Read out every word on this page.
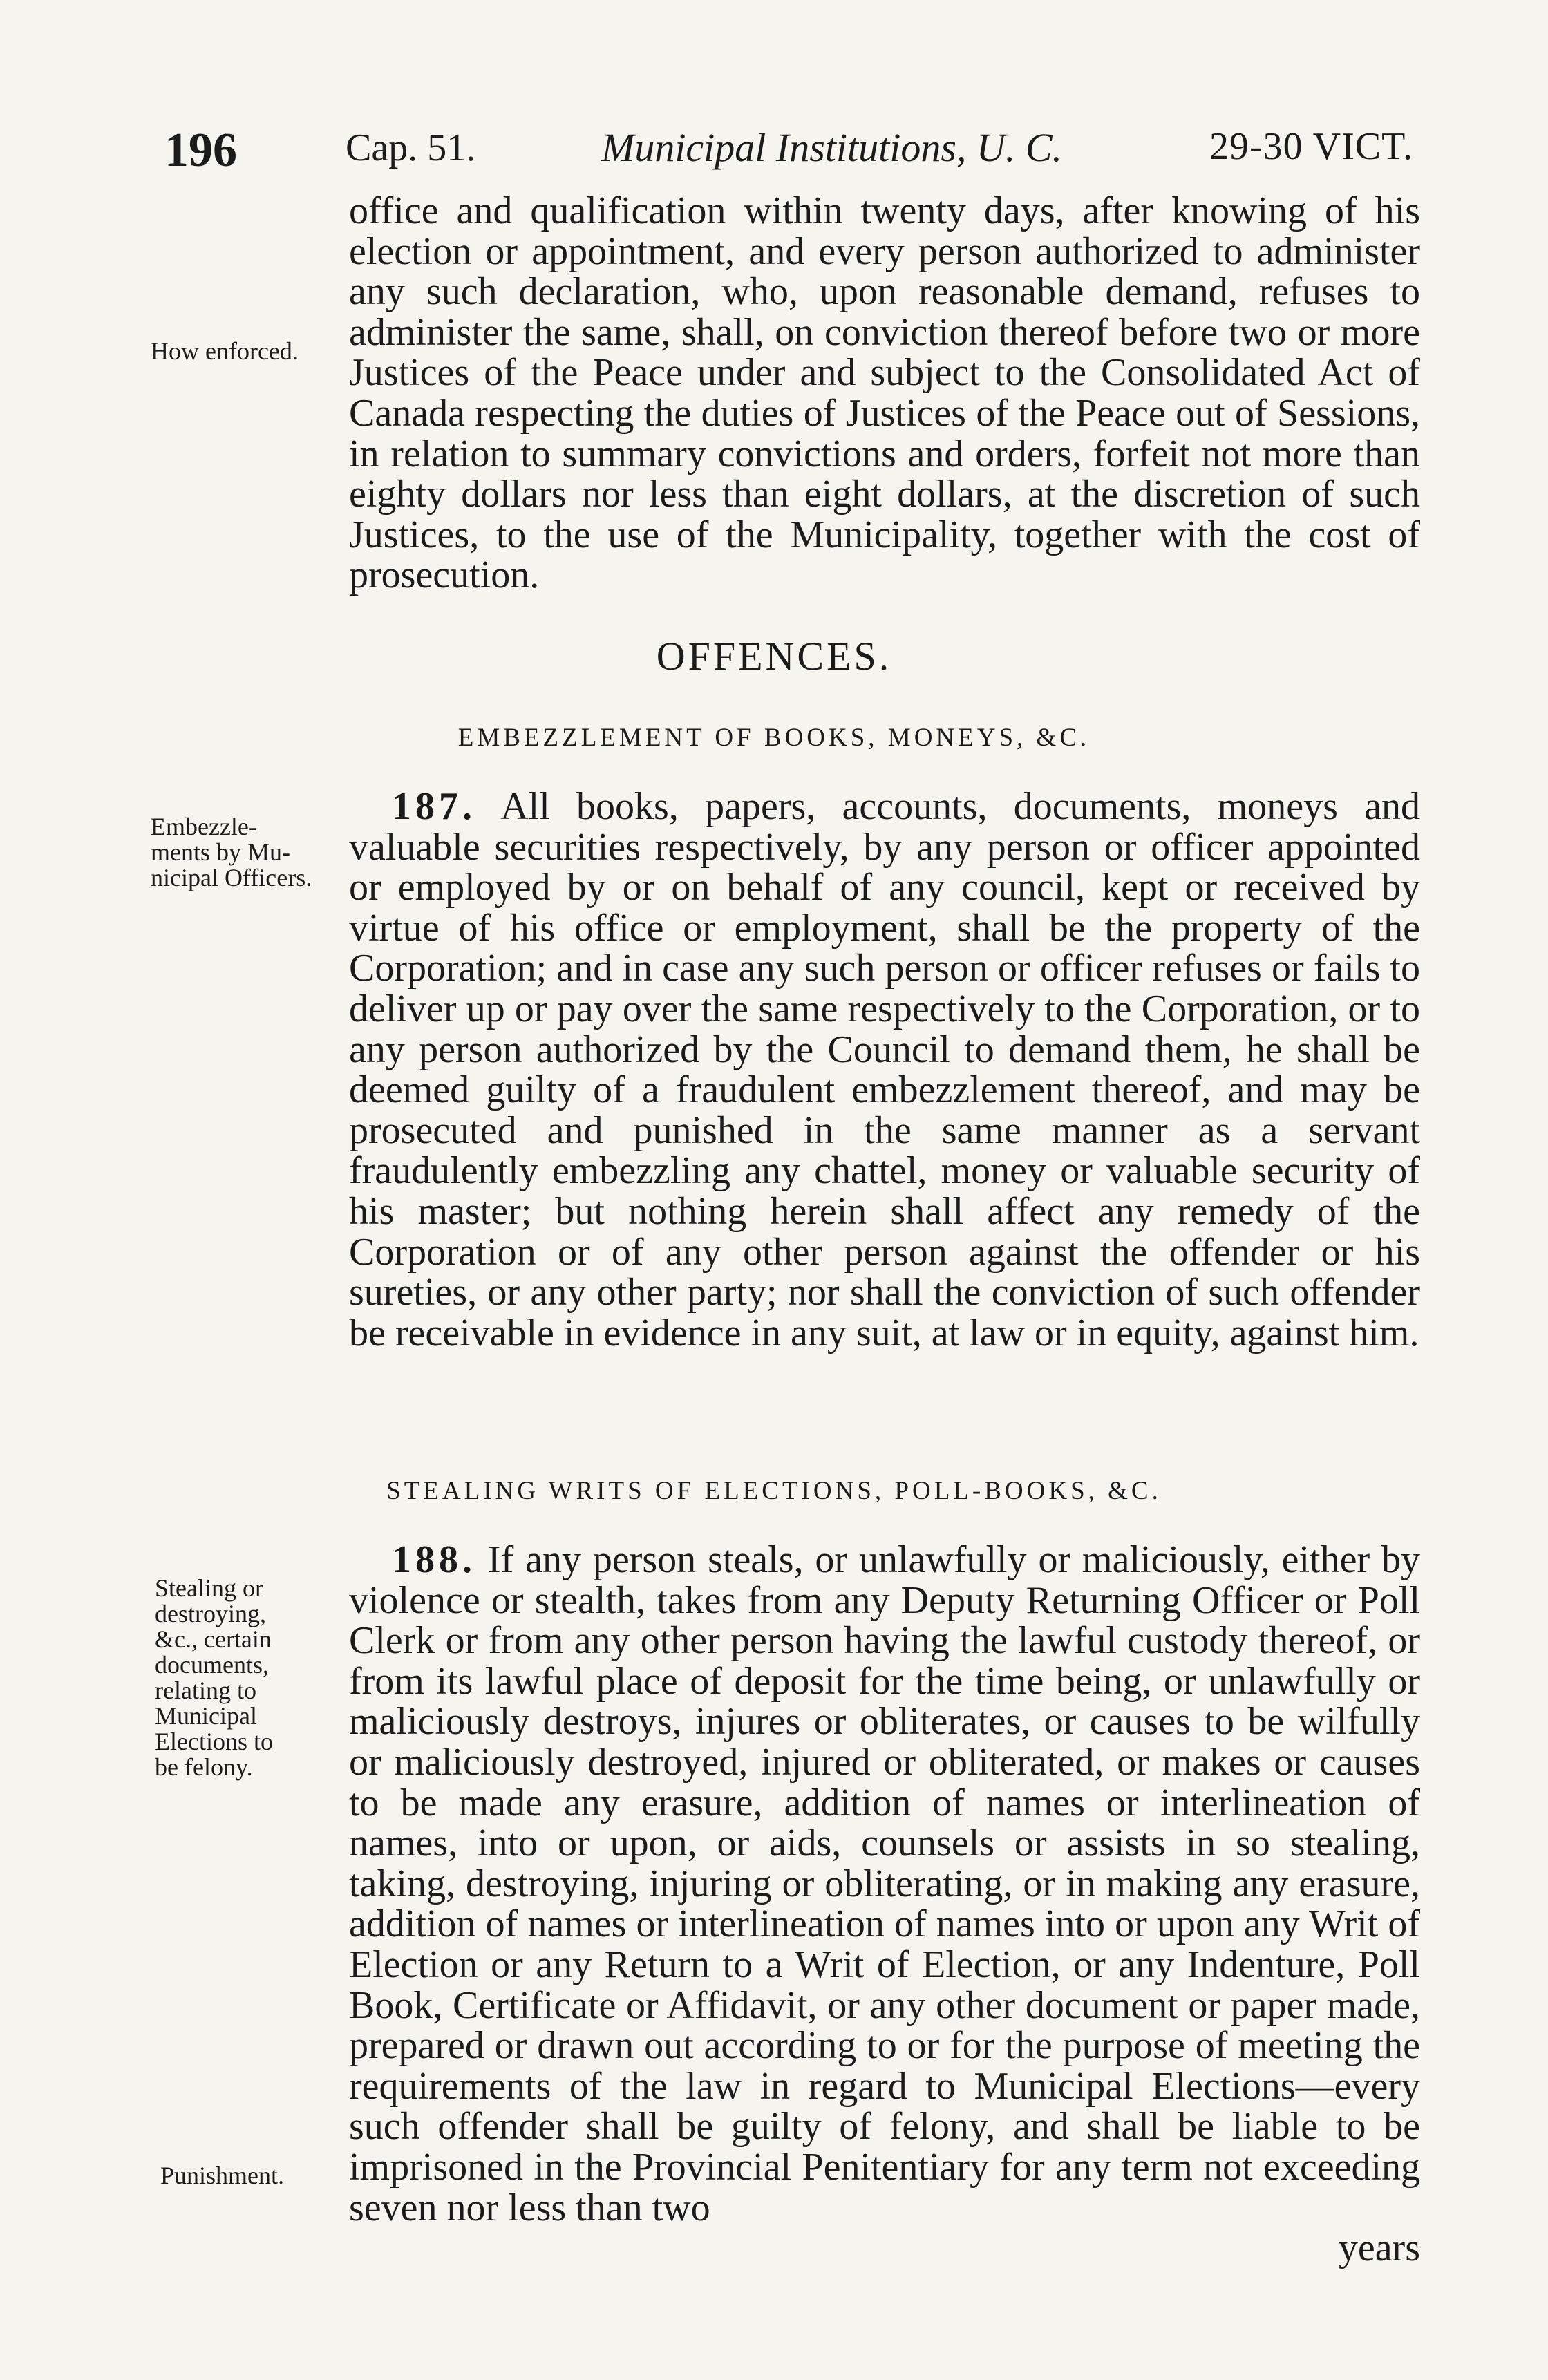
196	Cap. 51.	Municipal Institutions, U. C.	29-30 VICT.
How enforced.
Embezzle-
ments by Mu-
nicipal Officers.
Stealing or
destroying,
&c., certain
documents,
relating to
Municipal
Elections to
be felony.
Punishment.

office and qualification within twenty days, after knowing of his election or appointment, and every person authorized to administer any such declaration, who, upon reasonable demand, refuses to administer the same, shall, on conviction thereof before two or more Justices of the Peace under and subject to the Consolidated Act of Canada respecting the duties of Justices of the Peace out of Sessions, in relation to summary convictions and orders, forfeit not more than eighty dollars nor less than eight dollars, at the discretion of such Justices, to the use of the Municipality, together with the cost of prosecution.

OFFENCES.
EMBEZZLEMENT OF BOOKS, MONEYS, &C.

187. All books, papers, accounts, documents, moneys and valuable securities respectively, by any person or officer appointed or employed by or on behalf of any council, kept or received by virtue of his office or employment, shall be the property of the Corporation; and in case any such person or officer refuses or fails to deliver up or pay over the same respectively to the Corporation, or to any person authorized by the Council to demand them, he shall be deemed guilty of a fraudulent embezzlement thereof, and may be prosecuted and punished in the same manner as a servant fraudulently embezzling any chattel, money or valuable security of his master; but nothing herein shall affect any remedy of the Corporation or of any other person against the offender or his sureties, or any other party; nor shall the conviction of such offender be receivable in evidence in any suit, at law or in equity, against him.

STEALING WRITS OF ELECTIONS, POLL-BOOKS, &C.

188. If any person steals, or unlawfully or maliciously, either by violence or stealth, takes from any Deputy Returning Officer or Poll Clerk or from any other person having the lawful custody thereof, or from its lawful place of deposit for the time being, or unlawfully or maliciously destroys, injures or obliterates, or causes to be wilfully or maliciously destroyed, injured or obliterated, or makes or causes to be made any erasure, addition of names or interlineation of names, into or upon, or aids, counsels or assists in so stealing, taking, destroying, injuring or obliterating, or in making any erasure, addition of names or interlineation of names into or upon any Writ of Election or any Return to a Writ of Election, or any Indenture, Poll Book, Certificate or Affidavit, or any other document or paper made, prepared or drawn out according to or for the purpose of meeting the requirements of the law in regard to Municipal Elections—every such offender shall be guilty of felony, and shall be liable to be imprisoned in the Provincial Penitentiary for any term not exceeding seven nor less than two

years
